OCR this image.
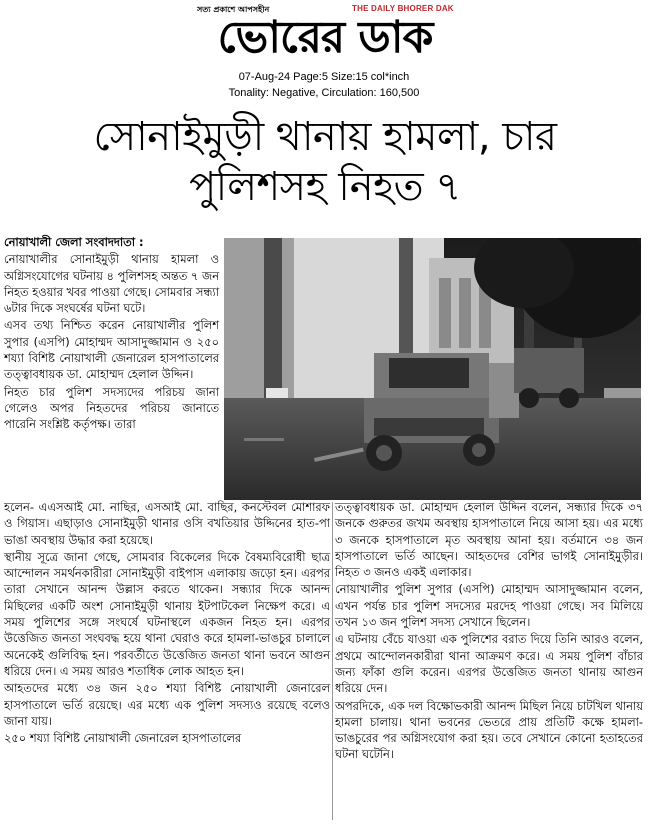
সত্য প্রকাশে আপসহীন	THE DAILY BHORER DAK
ভোরের ডাক
07-Aug-24 Page:5 Size:15 col*inch
Tonality: Negative, Circulation: 160,500
সোনাইমুড়ী থানায় হামলা, চার
পুলিশসহ নিহত ৭

নোয়াখালী জেলা সংবাদদাতা :

নোয়াখালীর সোনাইমুড়ী থানায় হামলা ও অগ্নিসংযোগের ঘটনায় ৪ পুলিশসহ অন্তত ৭ জন নিহত হওয়ার খবর পাওয়া গেছে। সোমবার সন্ধ্যা ৬টার দিকে সংঘর্ষের ঘটনা ঘটে।

এসব তথ্য নিশ্চিত করেন নোয়াখালীর পুলিশ সুপার (এসপি) মোহাম্মদ আসাদুজ্জামান ও ২৫০ শয্যা বিশিষ্ট নোয়াখালী জেনারেল হাসপাতালের তত্ত্বাবধায়ক ডা. মোহাম্মদ হেলাল উদ্দিন।

নিহত চার পুলিশ সদস্যদের পরিচয় জানা গেলেও অপর নিহতদের পরিচয় জানাতে পারেনি সংশ্লিষ্ট কর্তৃপক্ষ। তারা

হলেন- এএসআই মো. নাছির, এসআই মো. বাছির, কনস্টেবল মোশারফ ও গিয়াস। এছাড়াও সোনাইমুড়ী থানার ওসি বখতিয়ার উদ্দিনের হাত-পা ভাঙা অবস্থায় উদ্ধার করা হয়েছে।

স্থানীয় সূত্রে জানা গেছে, সোমবার বিকেলের দিকে বৈষম্যবিরোধী ছাত্র আন্দোলন সমর্থনকারীরা সোনাইমুড়ী বাইপাস এলাকায় জড়ো হন। এরপর তারা সেখানে আনন্দ উল্লাস করতে থাকেন। সন্ধ্যার দিকে আনন্দ মিছিলের একটি অংশ সোনাইমুড়ী থানায় ইটপাটকেল নিক্ষেপ করে। এ সময় পুলিশের সঙ্গে সংঘর্ষে ঘটনাস্থলে একজন নিহত হন। এরপর উত্তেজিত জনতা সংঘবদ্ধ হয়ে থানা ঘেরাও করে হামলা-ভাঙচুর চালালে অনেকেই গুলিবিদ্ধ হন। পরবর্তীতে উত্তেজিত জনতা থানা ভবনে আগুন ধরিয়ে দেন। এ সময় আরও শতাধিক লোক আহত হন।

আহতদের মধ্যে ৩৪ জন ২৫০ শয্যা বিশিষ্ট নোয়াখালী জেনারেল হাসপাতালে ভর্তি রয়েছে। এর মধ্যে এক পুলিশ সদস্যও রয়েছে বলেও জানা যায়।

২৫০ শয্যা বিশিষ্ট নোয়াখালী জেনারেল হাসপাতালের

তত্ত্বাবধায়ক ডা. মোহাম্মদ হেলাল উদ্দিন বলেন, সন্ধ্যার দিকে ৩৭ জনকে গুরুতর জখম অবস্থায় হাসপাতালে নিয়ে আসা হয়। এর মধ্যে ৩ জনকে হাসপাতালে মৃত অবস্থায় আনা হয়। বর্তমানে ৩৪ জন হাসপাতালে ভর্তি আছেন। আহতদের বেশির ভাগই সোনাইমুড়ীর। নিহত ৩ জনও একই এলাকার।

নোয়াখালীর পুলিশ সুপার (এসপি) মোহাম্মদ আসাদুজ্জামান বলেন, এখন পর্যন্ত চার পুলিশ সদস্যের মরদেহ পাওয়া গেছে। সব মিলিয়ে তখন ১৩ জন পুলিশ সদস্য সেখানে ছিলেন।

এ ঘটনায় বেঁচে যাওয়া এক পুলিশের বরাত দিয়ে তিনি আরও বলেন, প্রথমে আন্দোলনকারীরা থানা আক্রমণ করে। এ সময় পুলিশ বাঁচার জন্য ফাঁকা গুলি করেন। এরপর উত্তেজিত জনতা থানায় আগুন ধরিয়ে দেন।

অপরদিকে, এক দল বিক্ষোভকারী আনন্দ মিছিল নিয়ে চাটখিল থানায় হামলা চালায়। থানা ভবনের ভেতরে প্রায় প্রতিটি কক্ষে হামলা-ভাঙচুরের পর অগ্নিসংযোগ করা হয়। তবে সেখানে কোনো হতাহতের ঘটনা ঘটেনি।
